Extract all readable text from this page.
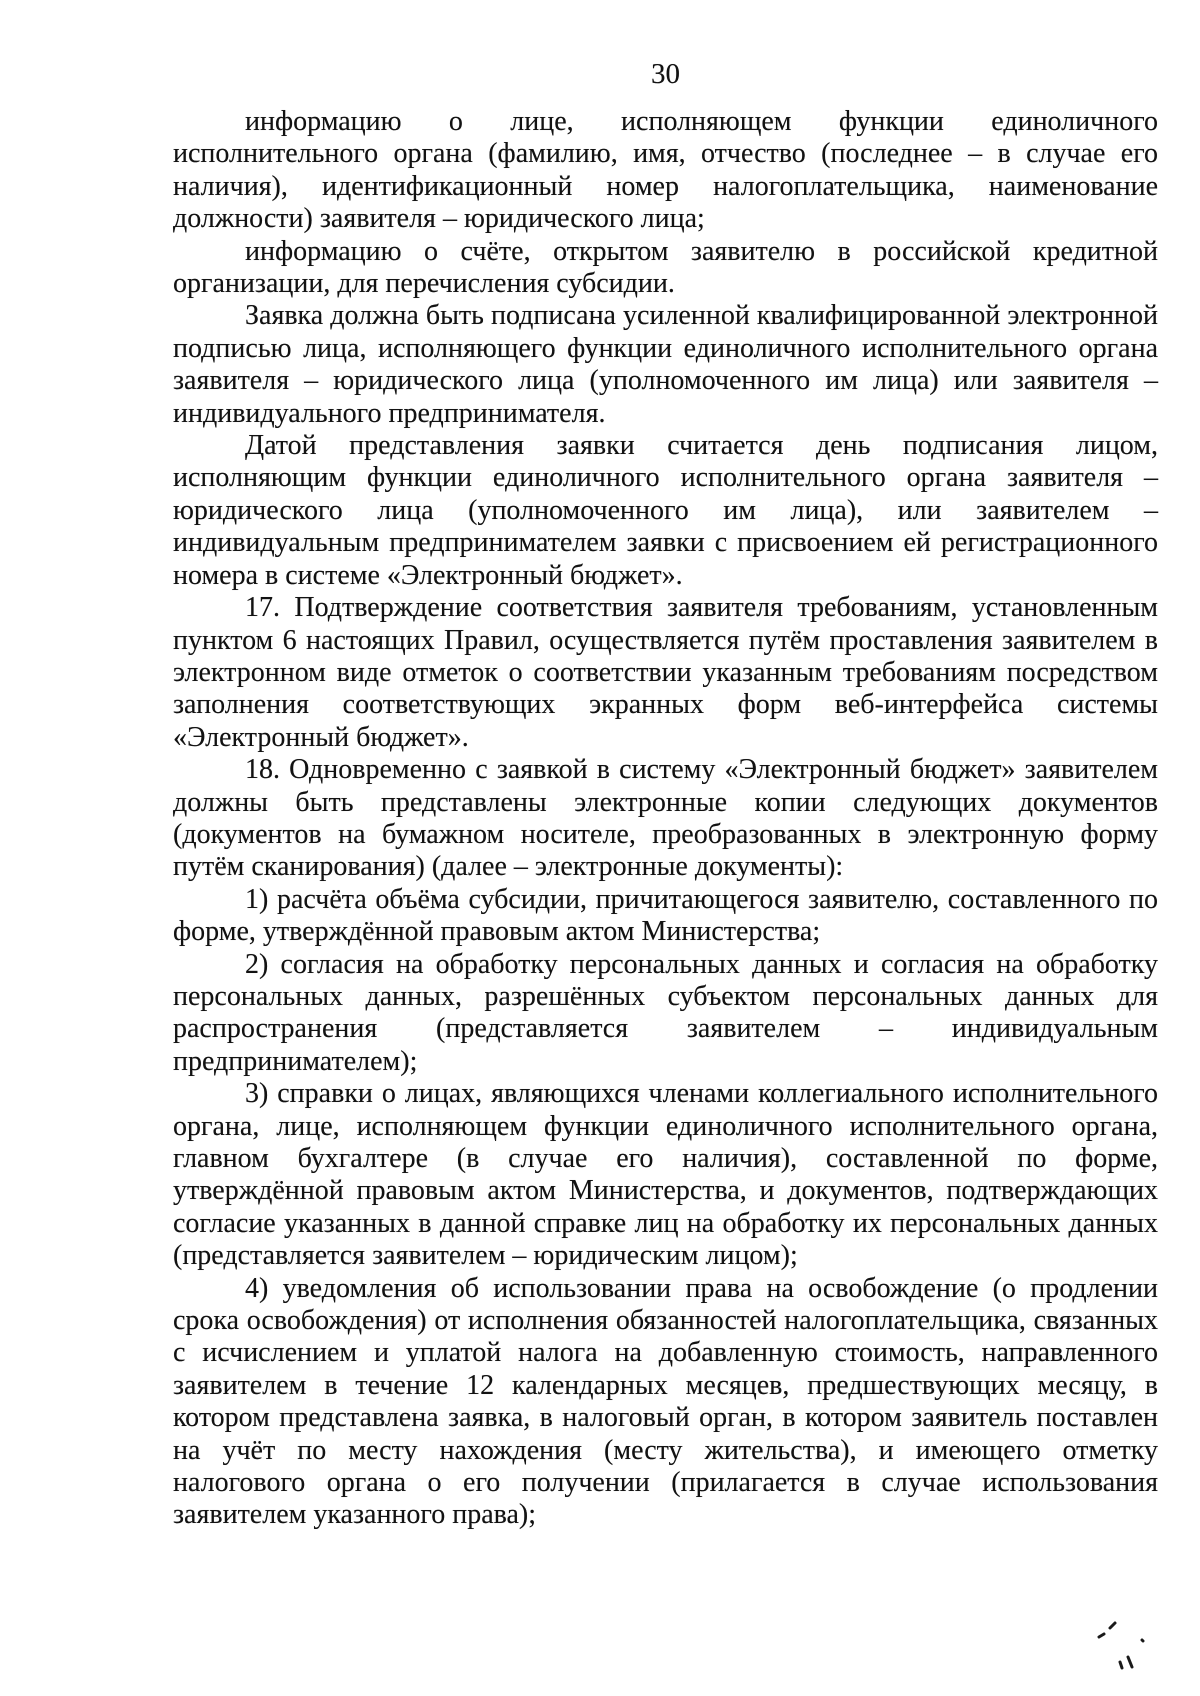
30

информацию о лице, исполняющем функции единоличного исполнительного органа (фамилию, имя, отчество (последнее – в случае его наличия), идентификационный номер налогоплательщика, наименование должности) заявителя – юридического лица;

информацию о счёте, открытом заявителю в российской кредитной организации, для перечисления субсидии.

Заявка должна быть подписана усиленной квалифицированной электронной подписью лица, исполняющего функции единоличного исполнительного органа заявителя – юридического лица (уполномоченного им лица) или заявителя – индивидуального предпринимателя.

Датой представления заявки считается день подписания лицом, исполняющим функции единоличного исполнительного органа заявителя – юридического лица (уполномоченного им лица), или заявителем – индивидуальным предпринимателем заявки с присвоением ей регистрационного номера в системе «Электронный бюджет».

17. Подтверждение соответствия заявителя требованиям, установленным пунктом 6 настоящих Правил, осуществляется путём проставления заявителем в электронном виде отметок о соответствии указанным требованиям посредством заполнения соответствующих экранных форм веб-интерфейса системы «Электронный бюджет».

18. Одновременно с заявкой в систему «Электронный бюджет» заявителем должны быть представлены электронные копии следующих документов (документов на бумажном носителе, преобразованных в электронную форму путём сканирования) (далее – электронные документы):

1) расчёта объёма субсидии, причитающегося заявителю, составленного по форме, утверждённой правовым актом Министерства;

2) согласия на обработку персональных данных и согласия на обработку персональных данных, разрешённых субъектом персональных данных для распространения (представляется заявителем – индивидуальным предпринимателем);

3) справки о лицах, являющихся членами коллегиального исполнительного органа, лице, исполняющем функции единоличного исполнительного органа, главном бухгалтере (в случае его наличия), составленной по форме, утверждённой правовым актом Министерства, и документов, подтверждающих согласие указанных в данной справке лиц на обработку их персональных данных (представляется заявителем – юридическим лицом);

4) уведомления об использовании права на освобождение (о продлении срока освобождения) от исполнения обязанностей налогоплательщика, связанных с исчислением и уплатой налога на добавленную стоимость, направленного заявителем в течение 12 календарных месяцев, предшествующих месяцу, в котором представлена заявка, в налоговый орган, в котором заявитель поставлен на учёт по месту нахождения (месту жительства), и имеющего отметку налогового органа о его получении (прилагается в случае использования заявителем указанного права);
